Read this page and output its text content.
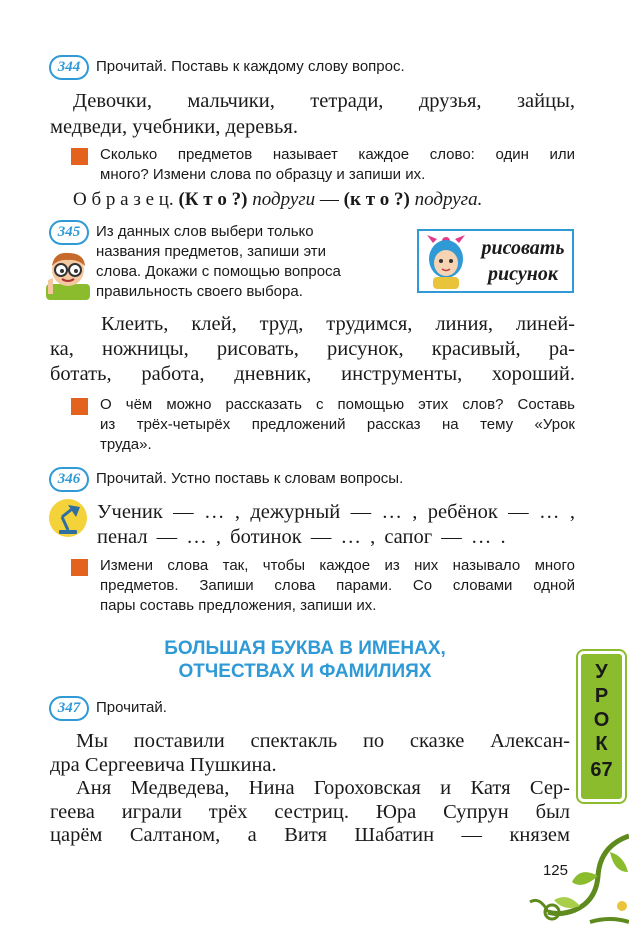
344	Прочитай. Поставь к каждому слову вопрос.
Девочки, мальчики, тетради, друзья, зайцы,
медведи, учебники, деревья.
Сколько предметов называет каждое слово: один или
много? Измени слова по образцу и запиши их.
О б р а з е ц. (К т о ?) подруги — (к т о ?) подруга.
345	Из данных слов выбери только
названия предметов, запиши эти
слова. Докажи с помощью вопроса
правильность своего выбора.
рисовать
рисунок
Клеить, клей, труд, трудимся, линия, линей-
ка, ножницы, рисовать, рисунок, красивый, ра-
ботать, работа, дневник, инструменты, хороший.
О чём можно рассказать с помощью этих слов? Составь
из трёх-четырёх предложений рассказ на тему «Урок
труда».
346	Прочитай. Устно поставь к словам вопросы.
Ученик — … , дежурный — … , ребёнок — … ,
пенал — … , ботинок — … , сапог — … .
Измени слова так, чтобы каждое из них называло много
предметов. Запиши слова парами. Со словами одной
пары составь предложения, запиши их.
БОЛЬШАЯ БУКВА В ИМЕНАХ,
ОТЧЕСТВАХ И ФАМИЛИЯХ	У
Р
О
К
67
347	Прочитай.
Мы поставили спектакль по сказке Алексан-
дра Сергеевича Пушкина.
Аня Медведева, Нина Гороховская и Катя Сер-
геева играли трёх сестриц. Юра Супрун был
царём Салтаном, а Витя Шабатин — князем
125
